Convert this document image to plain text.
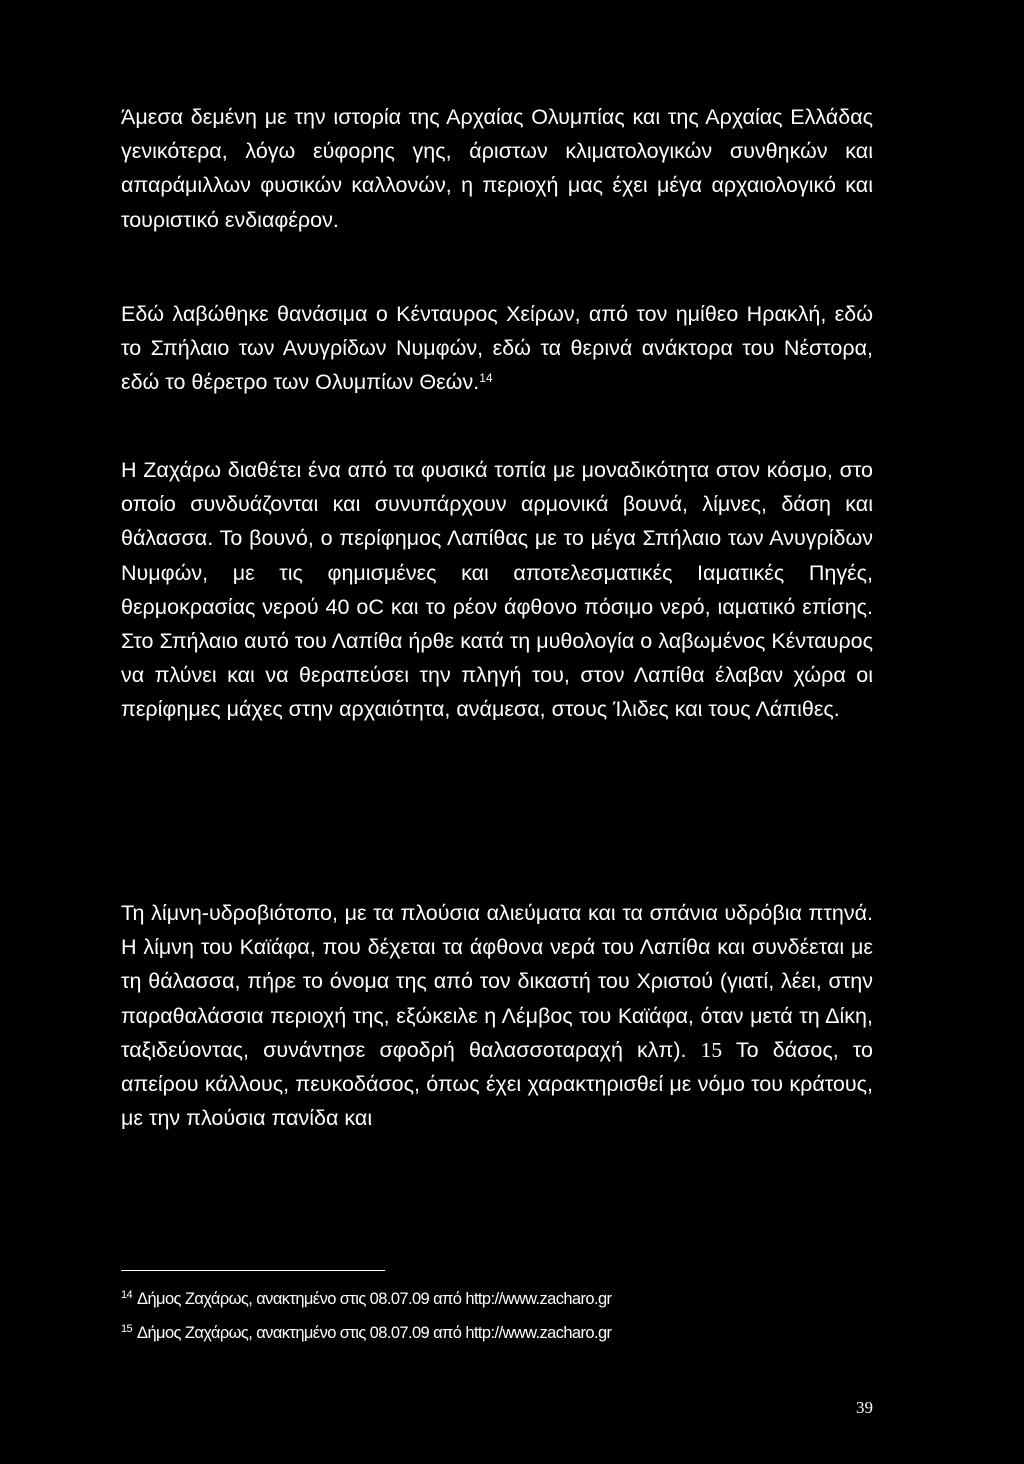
Άμεσα δεμένη με την ιστορία της Αρχαίας Ολυμπίας και της Αρχαίας Ελλάδας γενικότερα, λόγω εύφορης γης, άριστων κλιματολογικών συνθηκών και απαράμιλλων φυσικών καλλονών, η περιοχή μας έχει μέγα αρχαιολογικό και τουριστικό ενδιαφέρον.

Εδώ λαβώθηκε θανάσιμα ο Κένταυρος Χείρων, από τον ημίθεο Ηρακλή, εδώ το Σπήλαιο των Ανυγρίδων Νυμφών, εδώ τα θερινά ανάκτορα του Νέστορα, εδώ το θέρετρο των Ολυμπίων Θεών.$^{14}$

Η Ζαχάρω διαθέτει ένα από τα φυσικά τοπία με μοναδικότητα στον κόσμο, στο οποίο συνδυάζονται και συνυπάρχουν αρμονικά βουνά, λίμνες, δάση και θάλασσα. Το βουνό, ο περίφημος Λαπίθας με το μέγα Σπήλαιο των Ανυγρίδων Νυμφών, με τις φημισμένες και αποτελεσματικές Ιαματικές Πηγές, θερμοκρασίας νερού 40 oC και το ρέον άφθονο πόσιμο νερό, ιαματικό επίσης. Στο Σπήλαιο αυτό του Λαπίθα ήρθε κατά τη μυθολογία ο λαβωμένος Κένταυρος να πλύνει και να θεραπεύσει την πληγή του, στον Λαπίθα έλαβαν χώρα οι περίφημες μάχες στην αρχαιότητα, ανάμεσα, στους Ίλιδες και τους Λάπιθες.

Τη λίμνη-υδροβιότοπο, με τα πλούσια αλιεύματα και τα σπάνια υδρόβια πτηνά. Η λίμνη του Καϊάφα, που δέχεται τα άφθονα νερά του Λαπίθα και συνδέεται με τη θάλασσα, πήρε το όνομα της από τον δικαστή του Χριστού (γιατί, λέει, στην παραθαλάσσια περιοχή της, εξώκειλε η Λέμβος του Καϊάφα, όταν μετά τη Δίκη, ταξιδεύοντας, συνάντησε σφοδρή θαλασσοταραχή κλπ). 15 Το δάσος, το απείρου κάλλους, πευκοδάσος, όπως έχει χαρακτηρισθεί με νόμο του κράτους, με την πλούσια πανίδα και

$^{14}$ Δήμος Ζαχάρως, ανακτημένο στις 08.07.09 από http://www.zacharo.gr

$^{15}$ Δήμος Ζαχάρως, ανακτημένο στις 08.07.09 από http://www.zacharo.gr

39
